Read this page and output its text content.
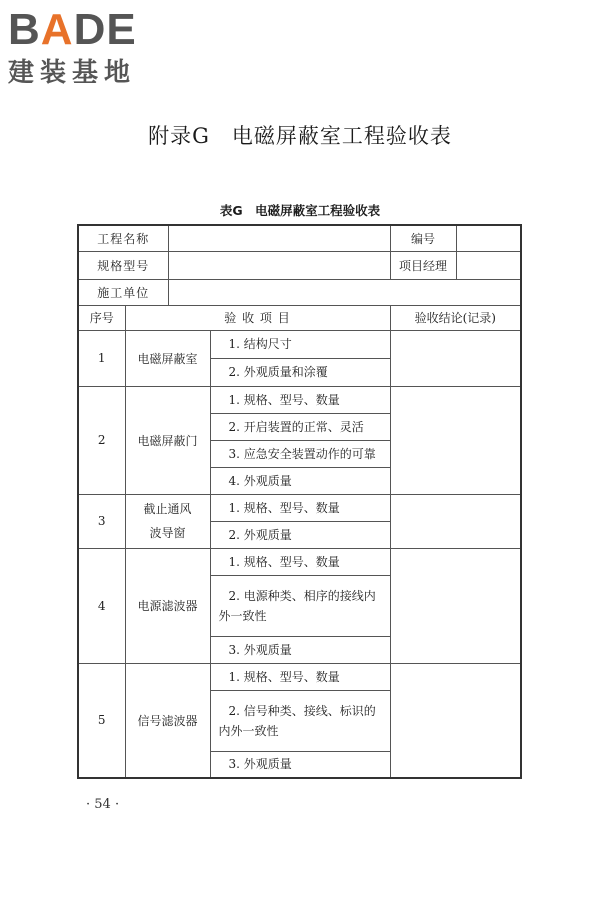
BADE
建装基地
附录G　电磁屏蔽室工程验收表
表G　电磁屏蔽室工程验收表
工程名称				编号	
规格型号				项目经理	
施工单位					
序号	验 收 项 目			验收结论(记录)	
1	电磁屏蔽室		1. 结构尺寸		
			2. 外观质量和涂覆		
2	电磁屏蔽门		1. 规格、型号、数量		
			2. 开启装置的正常、灵活		
			3. 应急安全装置动作的可靠		
			4. 外观质量		
3	截止通风波导窗		1. 规格、型号、数量		
			2. 外观质量		
4	电源滤波器		1. 规格、型号、数量		
			2. 电源种类、相序的接线内外一致性		
			3. 外观质量		
5	信号滤波器		1. 规格、型号、数量		
			2. 信号种类、接线、标识的内外一致性		
			3. 外观质量		
· 54 ·
